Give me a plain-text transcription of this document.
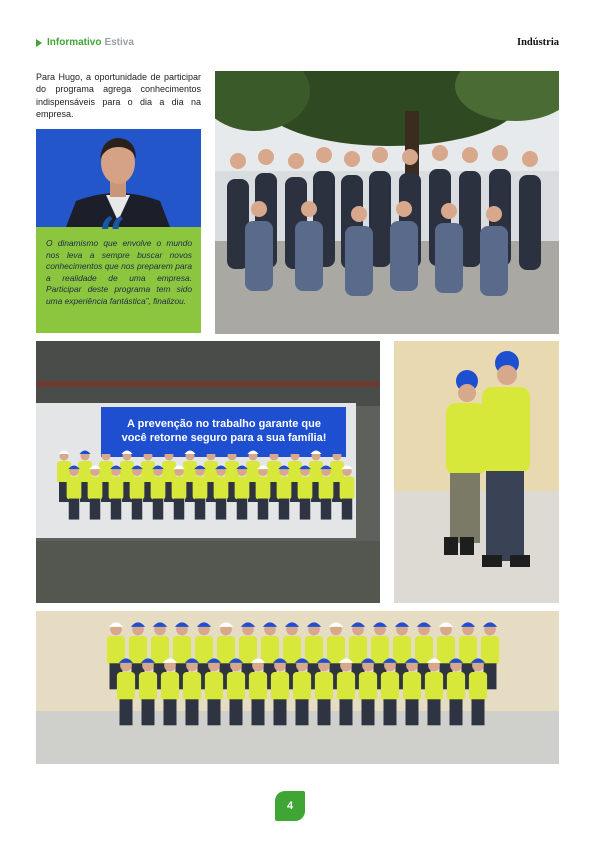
Informativo Estiva	Indústria
Para Hugo, a oportunidade de participar do programa agrega conhecimentos indispensáveis para o dia a dia na empresa.
“
O dinamismo que envolve o mundo nos leva a sempre buscar novos conhecimentos que nos preparem para a realidade de uma empresa. Participar deste programa tem sido uma experiência fantástica”, finalizou.
A prevenção no trabalho garante que
você retorne seguro para a sua família!
4
